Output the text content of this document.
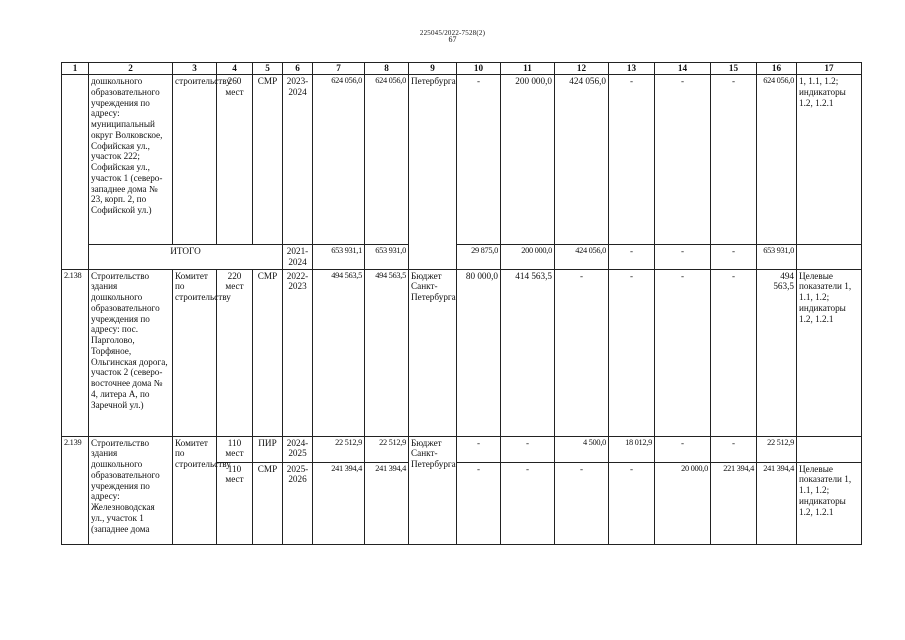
225045/2022-7528(2)
67
1	2	3	4	5	6	7	8	9	10	11	12	13	14	15	16	17
	дошкольного образовательного учреждения по адресу: муниципальный округ Волковское, Софийская ул., участок 222; Софийская ул., участок 1 (северо-западнее дома № 23, корп. 2, по Софийской ул.)	строительству	260 мест	СМР	2023-2024	624 056,0	624 056,0	Петербурга	-	200 000,0	424 056,0	-	-	-	624 056,0	1, 1.1, 1.2; индикаторы 1.2, 1.2.1
	ИТОГО				2021-2024	653 931,1	653 931,0		29 875,0	200 000,0	424 056,0	-	-	-	653 931,0	
2.138	Строительство здания дошкольного образовательного учреждения по адресу: пос. Парголово, Торфяное, Ольгинская дорога, участок 2 (северо-восточнее дома № 4, литера А, по Заречной ул.)	Комитет по строительству	220 мест	СМР	2022-2023	494 563,5	494 563,5	Бюджет Санкт-Петербурга	80 000,0	414 563,5	-	-	-	-	494 563,5	Целевые показатели 1, 1.1, 1.2; индикаторы 1.2, 1.2.1
2.139	Строительство здания дошкольного образовательного учреждения по адресу: Железноводская ул., участок 1 (западнее дома	Комитет по строительству	110 мест	ПИР	2024-2025	22 512,9	22 512,9	Бюджет Санкт-Петербурга	-	-	4 500,0	18 012,9	-	-	22 512,9	
			110 мест	СМР	2025-2026	241 394,4	241 394,4		-	-	-	-	20 000,0	221 394,4	241 394,4	Целевые показатели 1, 1.1, 1.2; индикаторы 1.2, 1.2.1
